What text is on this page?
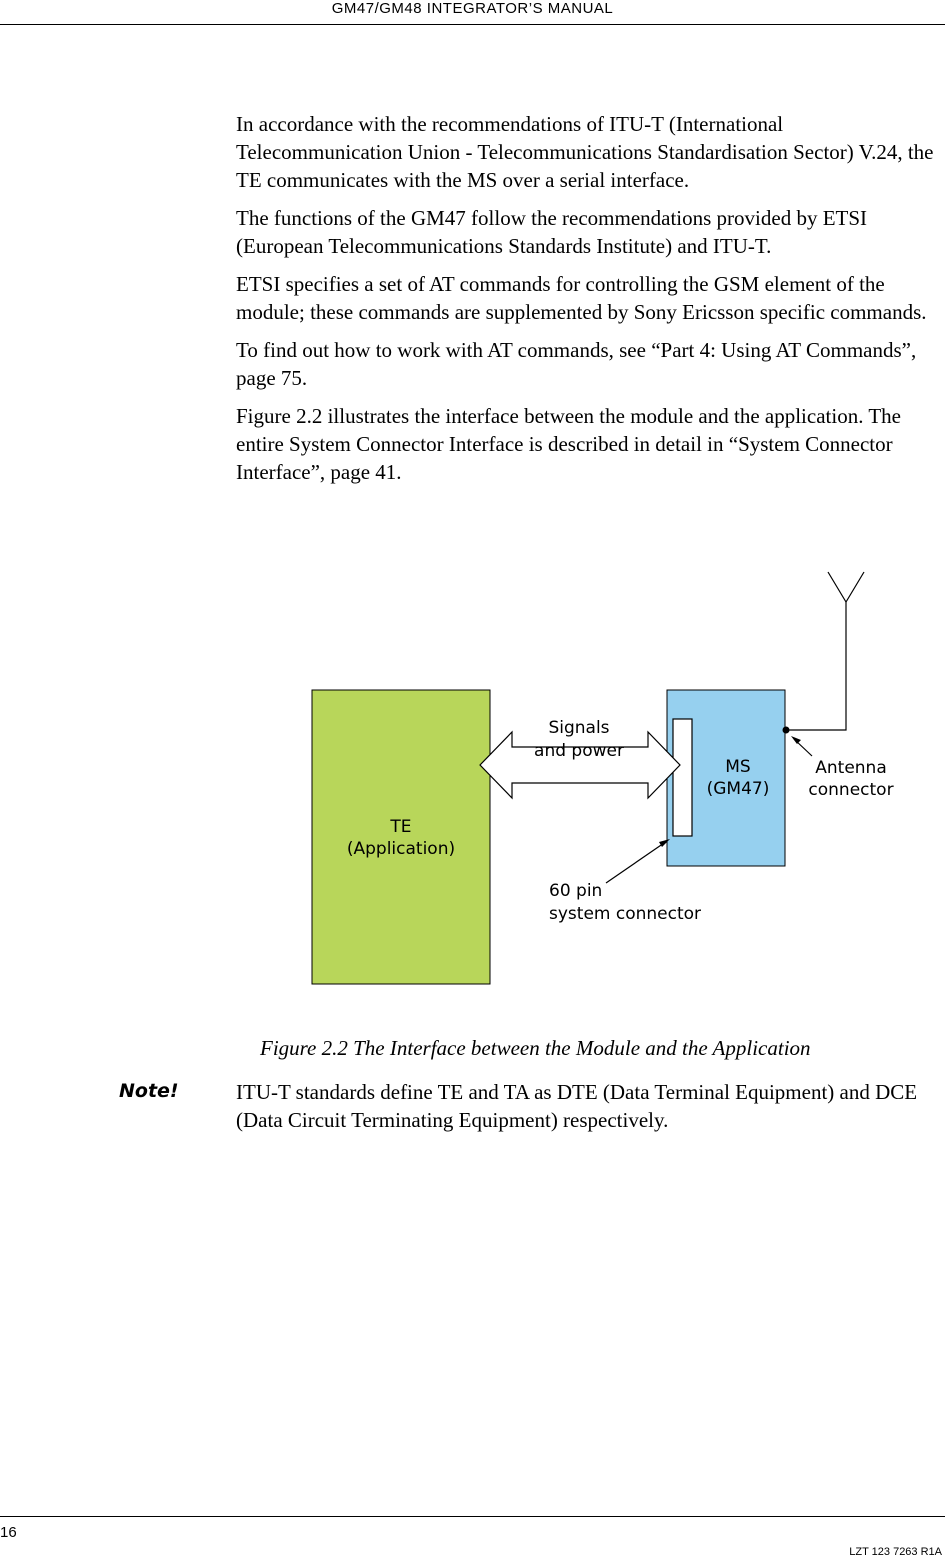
GM47/GM48 INTEGRATOR’S MANUAL

In accordance with the recommendations of ITU-T (International Telecommunication Union - Telecommunications Standardisation Sector) V.24, the TE communicates with the MS over a serial interface.

The functions of the GM47 follow the recommendations provided by ETSI (European Telecommunications Standards Institute) and ITU-T.

ETSI specifies a set of AT commands for controlling the GSM element of the module; these commands are supplemented by Sony Ericsson specific commands.

To find out how to work with AT commands, see “Part 4: Using AT Commands”, page 75.

Figure 2.2 illustrates the interface between the module and the application. The entire System Connector Interface is described in detail in “System Connector Interface”, page 41.

TE
(Application)
MS
(GM47)
Signals
and power
Antenna
connector
60 pin
system connector
Figure 2.2 The Interface between the Module and the Application
Note!	ITU-T standards define TE and TA as DTE (Data Terminal Equipment) and DCE (Data Circuit Terminating Equipment) respectively.
16
LZT 123 7263 R1A
